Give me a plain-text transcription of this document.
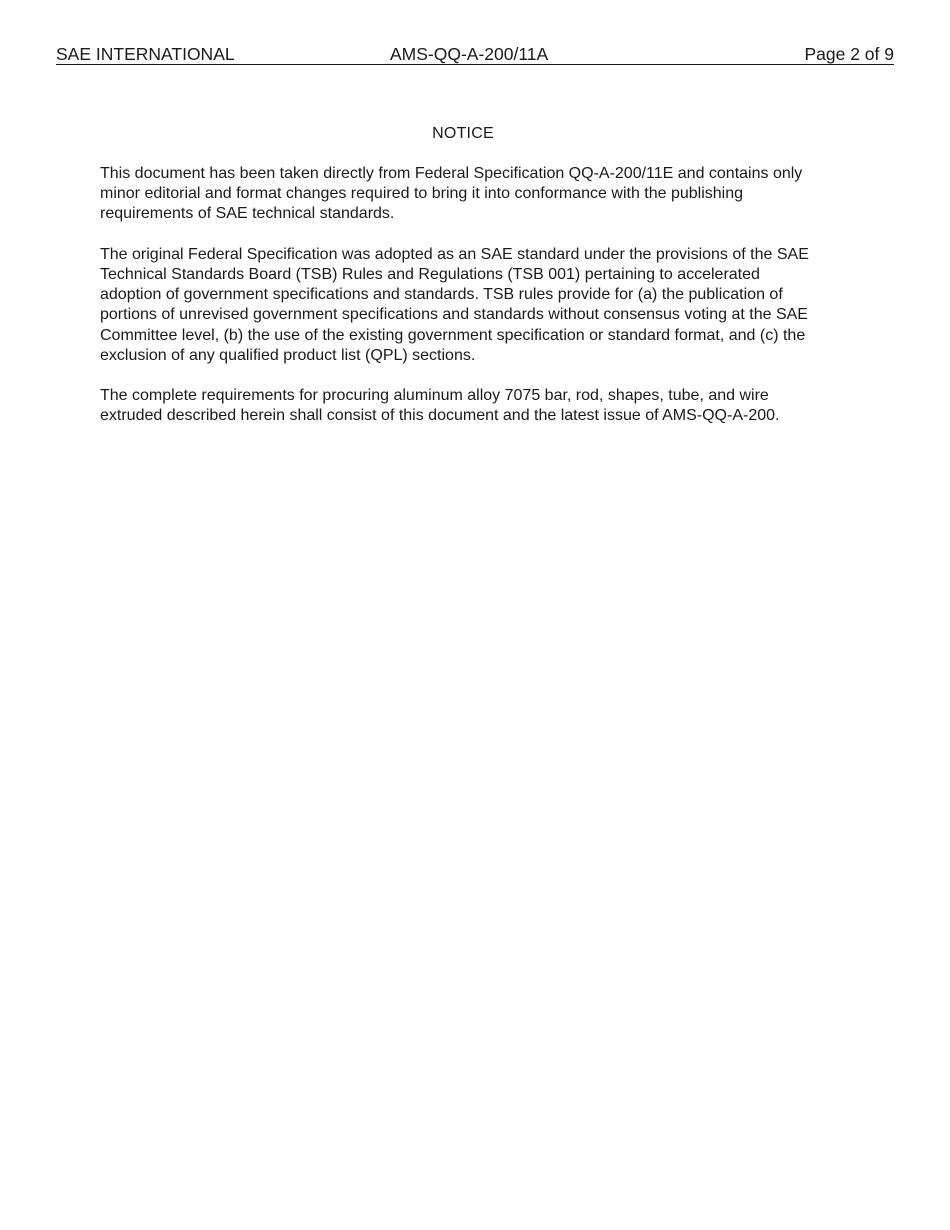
SAE INTERNATIONAL	AMS-QQ-A-200/11A	Page 2 of 9
NOTICE

This document has been taken directly from Federal Specification QQ-A-200/11E and contains only
minor editorial and format changes required to bring it into conformance with the publishing
requirements of SAE technical standards.

The original Federal Specification was adopted as an SAE standard under the provisions of the SAE
Technical Standards Board (TSB) Rules and Regulations (TSB 001) pertaining to accelerated
adoption of government specifications and standards. TSB rules provide for (a) the publication of
portions of unrevised government specifications and standards without consensus voting at the SAE
Committee level, (b) the use of the existing government specification or standard format, and (c) the
exclusion of any qualified product list (QPL) sections.

The complete requirements for procuring aluminum alloy 7075 bar, rod, shapes, tube, and wire
extruded described herein shall consist of this document and the latest issue of AMS-QQ-A-200.
